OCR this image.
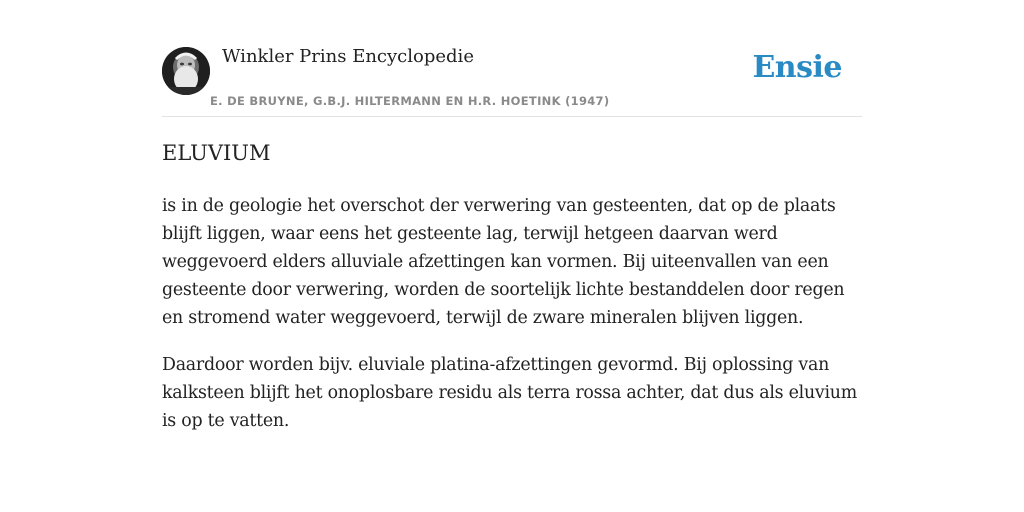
Winkler Prins Encyclopedie
E. DE BRUYNE, G.B.J. HILTERMANN EN H.R. HOETINK (1947)
Ensie
ELUVIUM

is in de geologie het overschot der verwering van gesteenten, dat op de plaats blijft liggen, waar eens het gesteente lag, terwijl hetgeen daarvan werd weggevoerd elders alluviale afzettingen kan vormen. Bij uiteenvallen van een gesteente door verwering, worden de soortelijk lichte bestanddelen door regen en stromend water weggevoerd, terwijl de zware mineralen blijven liggen.

Daardoor worden bijv. eluviale platina-afzettingen gevormd. Bij oplossing van kalksteen blijft het onoplosbare residu als terra rossa achter, dat dus als eluvium is op te vatten.
